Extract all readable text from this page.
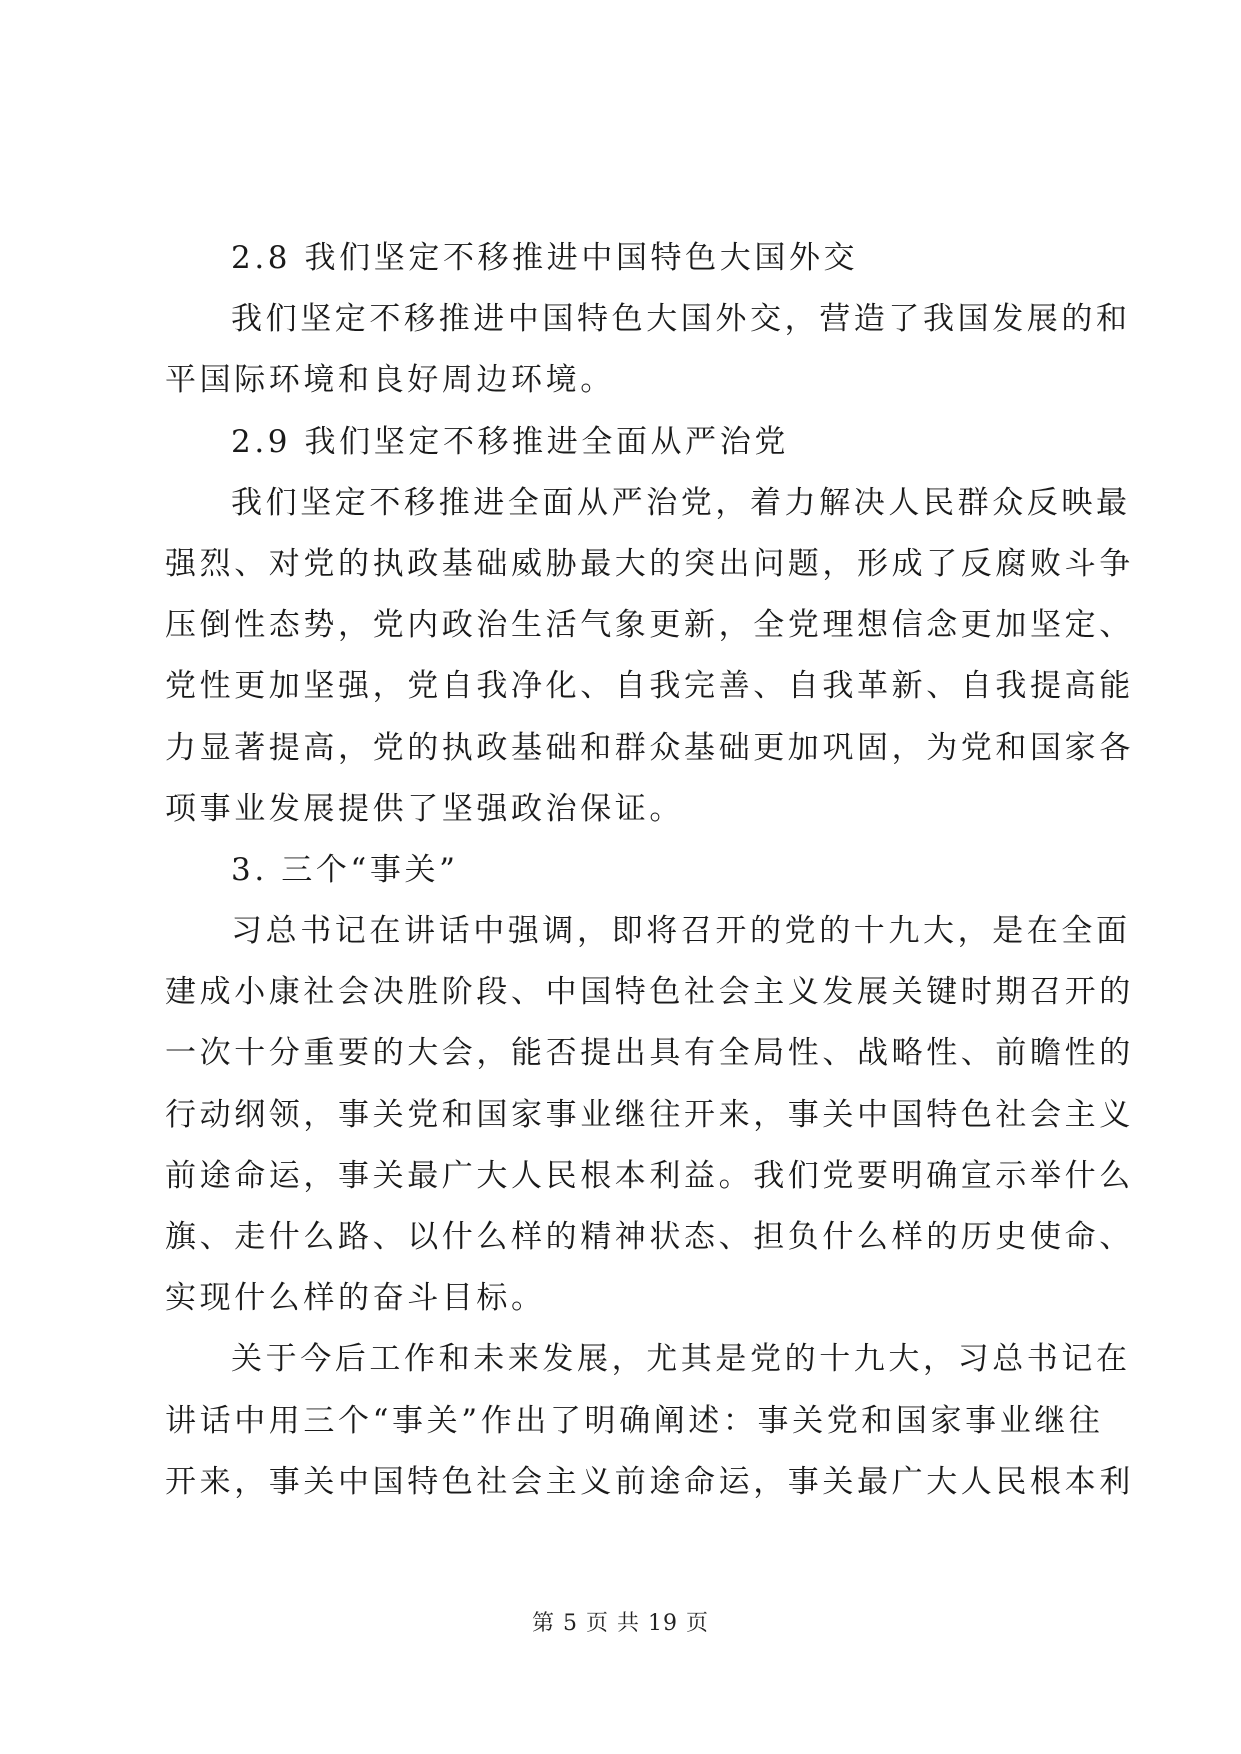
2.8 我们坚定不移推进中国特色大国外交
我们坚定不移推进中国特色大国外交，营造了我国发展的和
平国际环境和良好周边环境。
2.9 我们坚定不移推进全面从严治党
我们坚定不移推进全面从严治党，着力解决人民群众反映最
强烈、对党的执政基础威胁最大的突出问题，形成了反腐败斗争
压倒性态势，党内政治生活气象更新，全党理想信念更加坚定、
党性更加坚强，党自我净化、自我完善、自我革新、自我提高能
力显著提高，党的执政基础和群众基础更加巩固，为党和国家各
项事业发展提供了坚强政治保证。
3. 三个“事关”
习总书记在讲话中强调，即将召开的党的十九大，是在全面
建成小康社会决胜阶段、中国特色社会主义发展关键时期召开的
一次十分重要的大会，能否提出具有全局性、战略性、前瞻性的
行动纲领，事关党和国家事业继往开来，事关中国特色社会主义
前途命运，事关最广大人民根本利益。我们党要明确宣示举什么
旗、走什么路、以什么样的精神状态、担负什么样的历史使命、
实现什么样的奋斗目标。
关于今后工作和未来发展，尤其是党的十九大，习总书记在
讲话中用三个“事关”作出了明确阐述：事关党和国家事业继往
开来，事关中国特色社会主义前途命运，事关最广大人民根本利
第 5 页 共 19 页
